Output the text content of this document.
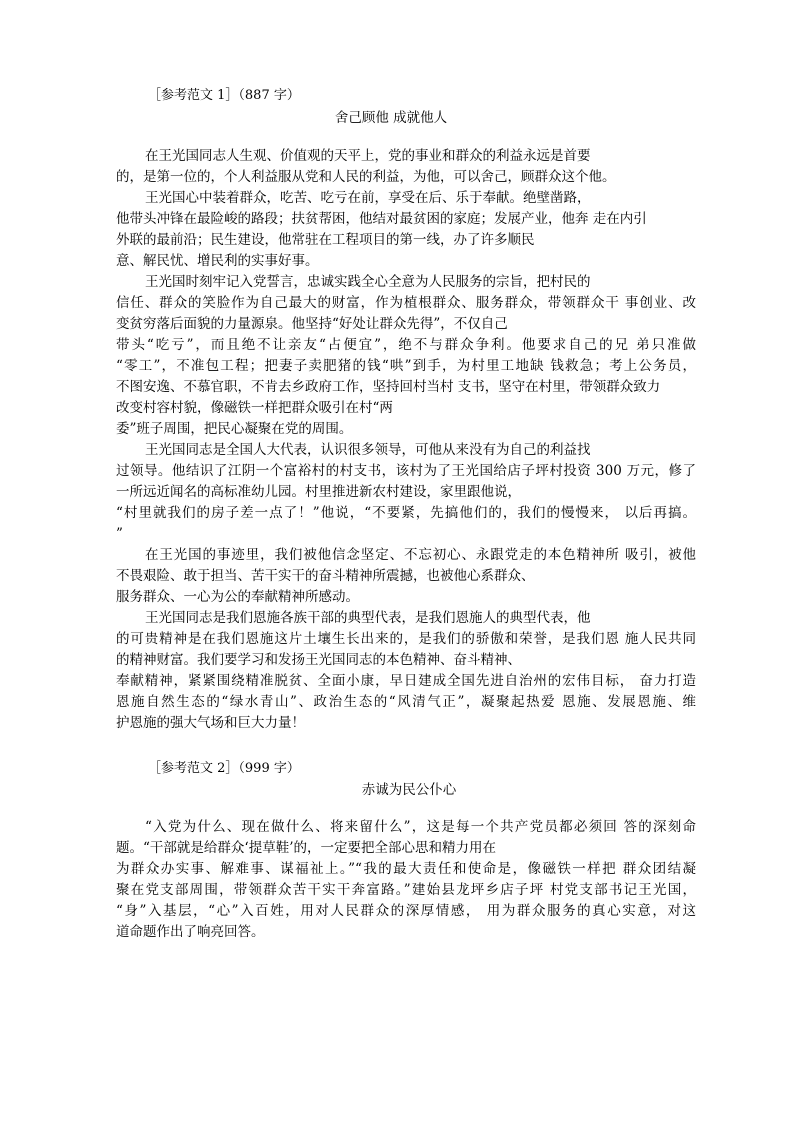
［参考范文 1］（887 字）
舍己顾他 成就他人
在王光国同志人生观、价值观的天平上，党的事业和群众的利益永远是首要
的，是第一位的，个人利益服从党和人民的利益，为他，可以舍己，顾群众这个他。
王光国心中装着群众，吃苦、吃亏在前，享受在后、乐于奉献。绝壁凿路，
他带头冲锋在最险峻的路段；扶贫帮困，他结对最贫困的家庭；发展产业，他奔 走在内引
外联的最前沿；民生建设，他常驻在工程项目的第一线，办了许多顺民
意、解民忧、增民利的实事好事。
王光国时刻牢记入党誓言，忠诚实践全心全意为人民服务的宗旨，把村民的
信任、群众的笑脸作为自己最大的财富，作为植根群众、服务群众，带领群众干 事创业、改
变贫穷落后面貌的力量源泉。他坚持“好处让群众先得”，不仅自己
带头“吃亏”，而且绝不让亲友“占便宜”，绝不与群众争利。他要求自己的兄 弟只准做
“零工”，不准包工程；把妻子卖肥猪的钱“哄”到手，为村里工地缺 钱救急；考上公务员，
不图安逸、不慕官职，不肯去乡政府工作，坚持回村当村 支书，坚守在村里，带领群众致力
改变村容村貌，像磁铁一样把群众吸引在村“两
委”班子周围，把民心凝聚在党的周围。
王光国同志是全国人大代表，认识很多领导，可他从来没有为自己的利益找
过领导。他结识了江阴一个富裕村的村支书，该村为了王光国给店子坪村投资 300 万元，修了
一所远近闻名的高标准幼儿园。村里推进新农村建设，家里跟他说，
“村里就我们的房子差一点了！”他说，“不要紧，先搞他们的，我们的慢慢来， 以后再搞。
”
在王光国的事迹里，我们被他信念坚定、不忘初心、永跟党走的本色精神所 吸引，被他
不畏艰险、敢于担当、苦干实干的奋斗精神所震撼，也被他心系群众、
服务群众、一心为公的奉献精神所感动。
王光国同志是我们恩施各族干部的典型代表，是我们恩施人的典型代表，他
的可贵精神是在我们恩施这片土壤生长出来的，是我们的骄傲和荣誉，是我们恩 施人民共同
的精神财富。我们要学习和发扬王光国同志的本色精神、奋斗精神、
奉献精神，紧紧围绕精准脱贫、全面小康，早日建成全国先进自治州的宏伟目标， 奋力打造
恩施自然生态的“绿水青山”、政治生态的“风清气正”，凝聚起热爱 恩施、发展恩施、维
护恩施的强大气场和巨大力量！
［参考范文 2］（999 字）
赤诚为民公仆心
“入党为什么、现在做什么、将来留什么”，这是每一个共产党员都必须回 答的深刻命
题。“干部就是给群众‘提草鞋’的，一定要把全部心思和精力用在
为群众办实事、解难事、谋福祉上。”“我的最大责任和使命是，像磁铁一样把 群众团结凝
聚在党支部周围，带领群众苦干实干奔富路。”建始县龙坪乡店子坪 村党支部书记王光国，
“身”入基层，“心”入百姓，用对人民群众的深厚情感， 用为群众服务的真心实意，对这
道命题作出了响亮回答。
